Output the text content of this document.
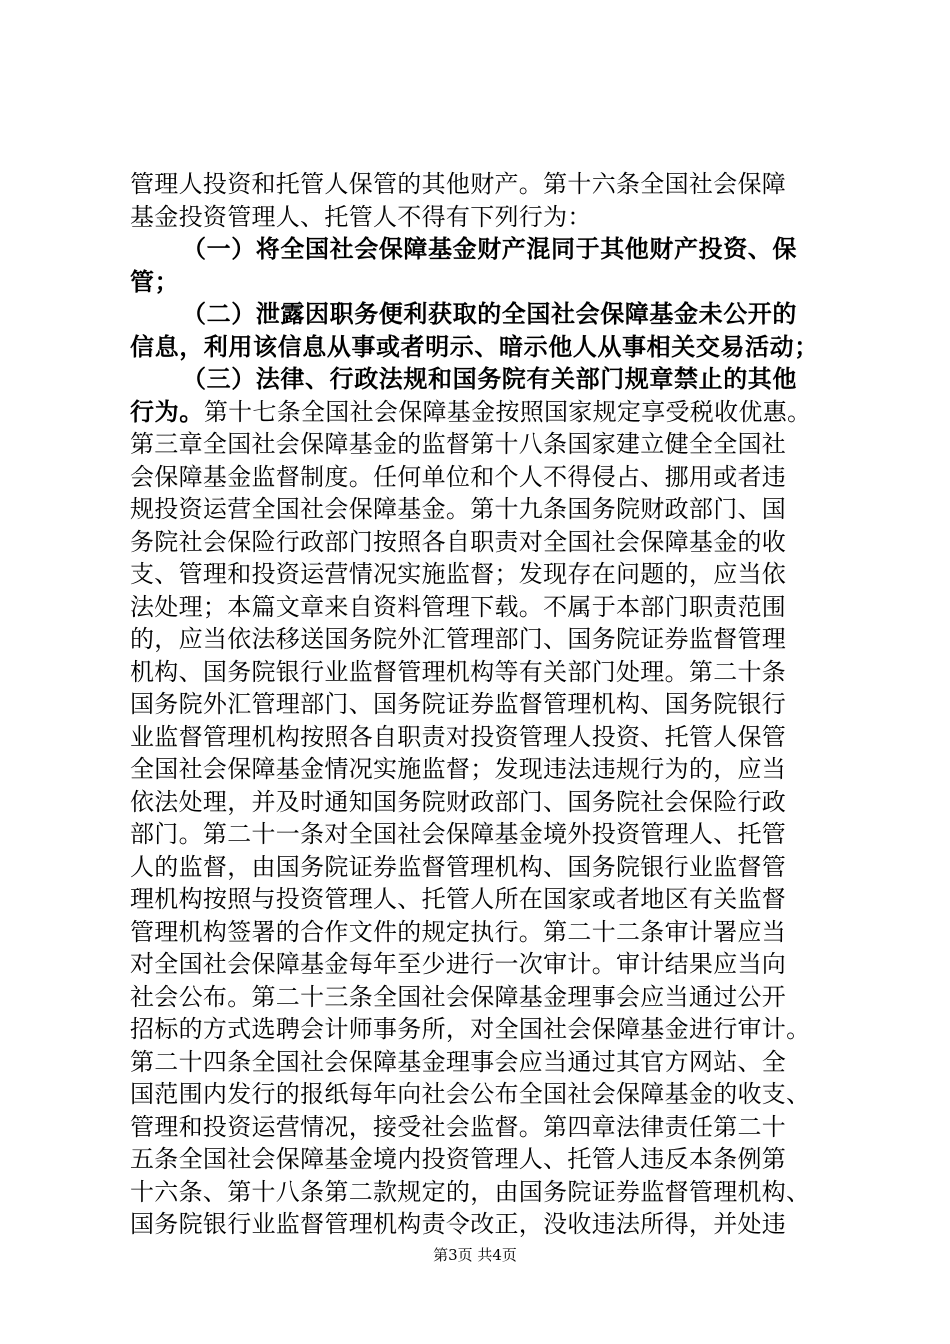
管理人投资和托管人保管的其他财产。第十六条全国社会保障
基金投资管理人、托管人不得有下列行为：
（一）将全国社会保障基金财产混同于其他财产投资、保
管；
（二）泄露因职务便利获取的全国社会保障基金未公开的
信息，利用该信息从事或者明示、暗示他人从事相关交易活动；
（三）法律、行政法规和国务院有关部门规章禁止的其他
行为。第十七条全国社会保障基金按照国家规定享受税收优惠。
第三章全国社会保障基金的监督第十八条国家建立健全全国社
会保障基金监督制度。任何单位和个人不得侵占、挪用或者违
规投资运营全国社会保障基金。第十九条国务院财政部门、国
务院社会保险行政部门按照各自职责对全国社会保障基金的收
支、管理和投资运营情况实施监督；发现存在问题的，应当依
法处理；本篇文章来自资料管理下载。不属于本部门职责范围
的，应当依法移送国务院外汇管理部门、国务院证券监督管理
机构、国务院银行业监督管理机构等有关部门处理。第二十条
国务院外汇管理部门、国务院证券监督管理机构、国务院银行
业监督管理机构按照各自职责对投资管理人投资、托管人保管
全国社会保障基金情况实施监督；发现违法违规行为的，应当
依法处理，并及时通知国务院财政部门、国务院社会保险行政
部门。第二十一条对全国社会保障基金境外投资管理人、托管
人的监督，由国务院证券监督管理机构、国务院银行业监督管
理机构按照与投资管理人、托管人所在国家或者地区有关监督
管理机构签署的合作文件的规定执行。第二十二条审计署应当
对全国社会保障基金每年至少进行一次审计。审计结果应当向
社会公布。第二十三条全国社会保障基金理事会应当通过公开
招标的方式选聘会计师事务所，对全国社会保障基金进行审计。
第二十四条全国社会保障基金理事会应当通过其官方网站、全
国范围内发行的报纸每年向社会公布全国社会保障基金的收支、
管理和投资运营情况，接受社会监督。第四章法律责任第二十
五条全国社会保障基金境内投资管理人、托管人违反本条例第
十六条、第十八条第二款规定的，由国务院证券监督管理机构、
国务院银行业监督管理机构责令改正，没收违法所得，并处违
第3页 共4页
